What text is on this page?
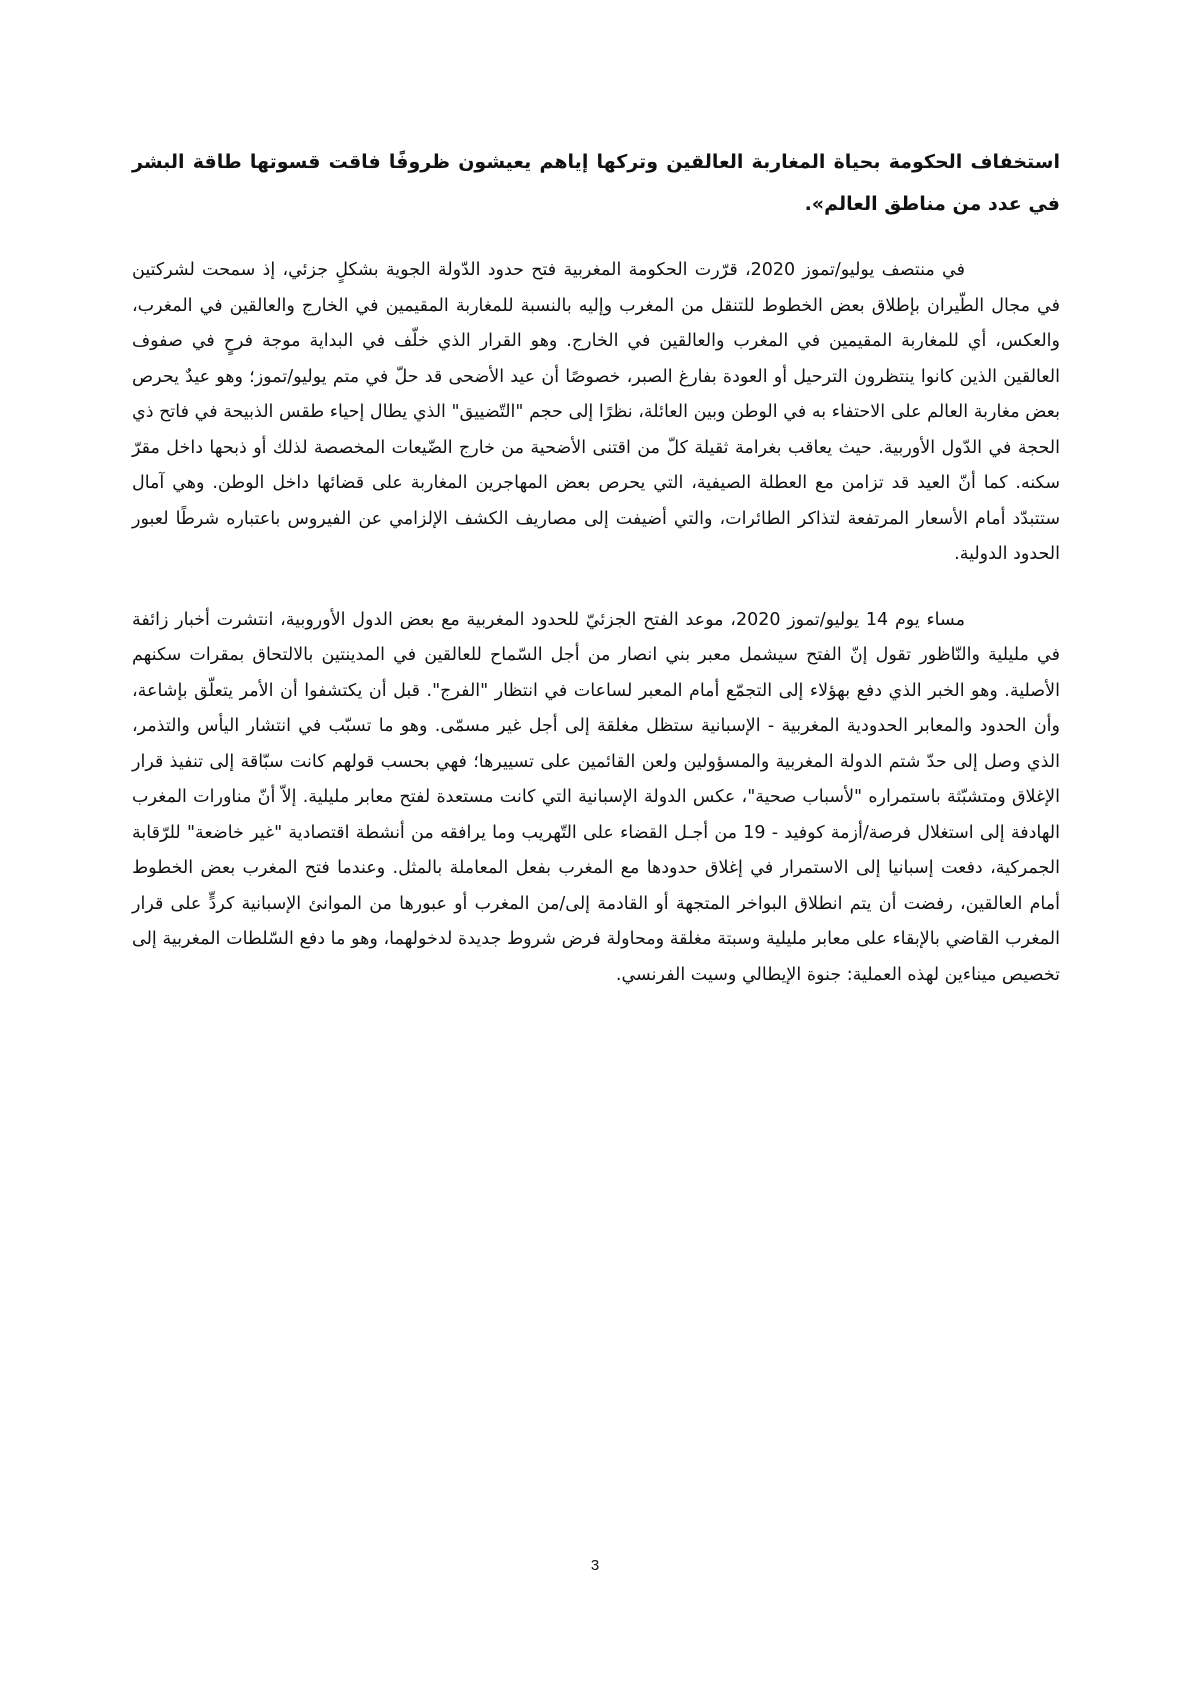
استخفاف الحكومة بحياة المغاربة العالقين وتركها إياهم يعيشون ظروفًا فاقت قسوتها طاقة البشر في عدد من مناطق العالم».

في منتصف يوليو/تموز 2020، قرّرت الحكومة المغربية فتح حدود الدّولة الجوية بشكلٍ جزئي، إذ سمحت لشركتين في مجال الطّيران بإطلاق بعض الخطوط للتنقل من المغرب وإليه بالنسبة للمغاربة المقيمين في الخارج والعالقين في المغرب، والعكس، أي للمغاربة المقيمين في المغرب والعالقين في الخارج. وهو القرار الذي خلّف في البداية موجة فرحٍ في صفوف العالقين الذين كانوا ينتظرون الترحيل أو العودة بفارغ الصبر، خصوصًا أن عيد الأضحى قد حلّ في متم يوليو/تموز؛ وهو عيدٌ يحرص بعض مغاربة العالم على الاحتفاء به في الوطن وبين العائلة، نظرًا إلى حجم "التّضييق" الذي يطال إحياء طقس الذبيحة في فاتح ذي الحجة في الدّول الأوربية. حيث يعاقب بغرامة ثقيلة كلّ من اقتنى الأضحية من خارج الضّيعات المخصصة لذلك أو ذبحها داخل مقرّ سكنه. كما أنّ العيد قد تزامن مع العطلة الصيفية، التي يحرص بعض المهاجرين المغاربة على قضائها داخل الوطن. وهي آمال ستتبدّد أمام الأسعار المرتفعة لتذاكر الطائرات، والتي أضيفت إلى مصاريف الكشف الإلزامي عن الفيروس باعتباره شرطًا لعبور الحدود الدولية.

مساء يوم 14 يوليو/تموز 2020، موعد الفتح الجزئيّ للحدود المغربية مع بعض الدول الأوروبية، انتشرت أخبار زائفة في مليلية والنّاظور تقول إنّ الفتح سيشمل معبر بني انصار من أجل السّماح للعالقين في المدينتين بالالتحاق بمقرات سكنهم الأصلية. وهو الخبر الذي دفع بهؤلاء إلى التجمّع أمام المعبر لساعات في انتظار "الفرج". قبل أن يكتشفوا أن الأمر يتعلّق بإشاعة، وأن الحدود والمعابر الحدودية المغربية - الإسبانية ستظل مغلقة إلى أجل غير مسمّى. وهو ما تسبّب في انتشار اليأس والتذمر، الذي وصل إلى حدّ شتم الدولة المغربية والمسؤولين ولعن القائمين على تسييرها؛ فهي بحسب قولهم كانت سبّاقة إلى تنفيذ قرار الإغلاق ومتشبّثة باستمراره "لأسباب صحية"، عكس الدولة الإسبانية التي كانت مستعدة لفتح معابر مليلية. إلاّ أنّ مناورات المغرب الهادفة إلى استغلال فرصة/أزمة كوفيد - 19 من أجـل القضاء على التّهريب وما يرافقه من أنشطة اقتصادية "غير خاضعة" للرّقابة الجمركية، دفعت إسبانيا إلى الاستمرار في إغلاق حدودها مع المغرب بفعل المعاملة بالمثل. وعندما فتح المغرب بعض الخطوط أمام العالقين، رفضت أن يتم انطلاق البواخر المتجهة أو القادمة إلى/من المغرب أو عبورها من الموانئ الإسبانية كردٍّ على قرار المغرب القاضي بالإبقاء على معابر مليلية وسبتة مغلقة ومحاولة فرض شروط جديدة لدخولهما، وهو ما دفع السّلطات المغربية إلى تخصيص ميناءين لهذه العملية: جنوة الإيطالي وسيت الفرنسي.

3
